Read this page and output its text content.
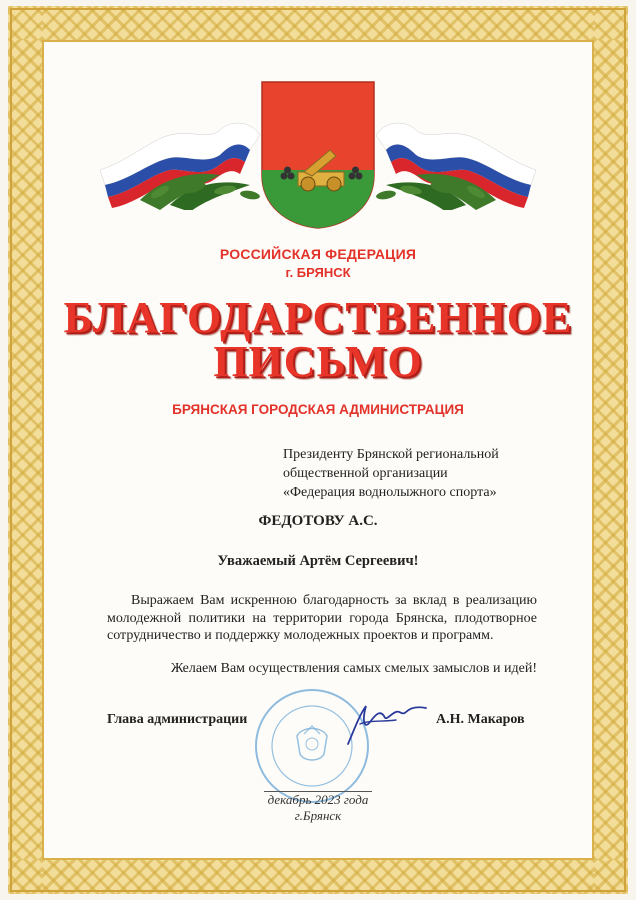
РОССИЙСКАЯ ФЕДЕРАЦИЯ
г. БРЯНСК
БЛАГОДАРСТВЕННОЕ
ПИСЬМО
БРЯНСКАЯ ГОРОДСКАЯ АДМИНИСТРАЦИЯ
Президенту Брянской региональной
общественной организации
«Федерация воднолыжного спорта»
ФЕДОТОВУ А.С.
Уважаемый Артём Сергеевич!

Выражаем Вам искренною благодарность за вклад в реализацию молодежной политики на территории города Брянска, плодотворное сотрудничество и поддержку молодежных проектов и программ.

Желаем Вам осуществления самых смелых замыслов и идей!
Глава администрации	А.Н. Макаров
декабрь 2023 года
г.Брянск
